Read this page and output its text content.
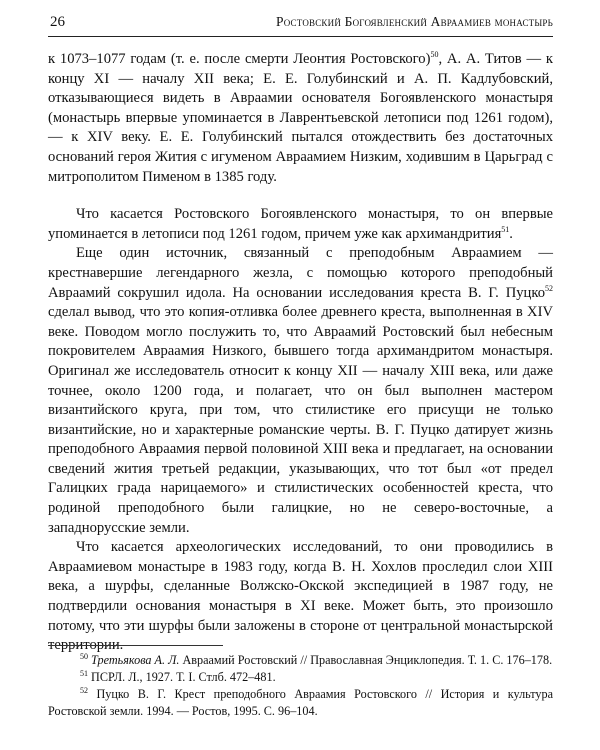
26	Ростовский Богоявленский Авраамиев монастырь

к 1073–1077 годам (т. е. после смерти Леонтия Ростовского)$^{50}$, А. А. Титов — к концу XI — началу XII века; Е. Е. Голубинский и А. П. Кадлубовский, отказывающиеся видеть в Авраамии основателя Богоявленского монастыря (монастырь впервые упоминается в Лаврентьевской летописи под 1261 годом), — к XIV веку. Е. Е. Голубинский пытался отождествить без достаточных оснований героя Жития с игуменом Авраамием Низким, ходившим в Царьград с митрополитом Пименом в 1385 году.

Что касается Ростовского Богоявленского монастыря, то он впервые упоминается в летописи под 1261 годом, причем уже как архимандрития$^{51}$.

Еще один источник, связанный с преподобным Авраамием — крестнавершие легендарного жезла, с помощью которого преподобный Авраамий сокрушил идола. На основании исследования креста В. Г. Пуцко$^{52}$ сделал вывод, что это копия-отливка более древнего креста, выполненная в XIV веке. Поводом могло послужить то, что Авраамий Ростовский был небесным покровителем Авраамия Низкого, бывшего тогда архимандритом монастыря. Оригинал же исследователь относит к концу XII — началу XIII века, или даже точнее, около 1200 года, и полагает, что он был выполнен мастером византийского круга, при том, что стилистике его присущи не только византийские, но и характерные романские черты. В. Г. Пуцко датирует жизнь преподобного Авраамия первой половиной XIII века и предлагает, на основании сведений жития третьей редакции, указывающих, что тот был «от предел Галицких града нарицаемого» и стилистических особенностей креста, что родиной преподобного были галицкие, но не северо-восточные, а западнорусские земли.

Что касается археологических исследований, то они проводились в Авраамиевом монастыре в 1983 году, когда В. Н. Хохлов проследил слои XIII века, а шурфы, сделанные Волжско-Окской экспедицией в 1987 году, не подтвердили основания монастыря в XI веке. Может быть, это произошло потому, что эти шурфы были заложены в стороне от центральной монастырской территории.

$^{50}$ Третьякова А. Л. Авраамий Ростовский // Православная Энциклопедия. Т. 1. С. 176–178.

$^{51}$ ПСРЛ. Л., 1927. Т. I. Стлб. 472–481.

$^{52}$ Пуцко В. Г. Крест преподобного Авраамия Ростовского // История и культура Ростовской земли. 1994. — Ростов, 1995. С. 96–104.
